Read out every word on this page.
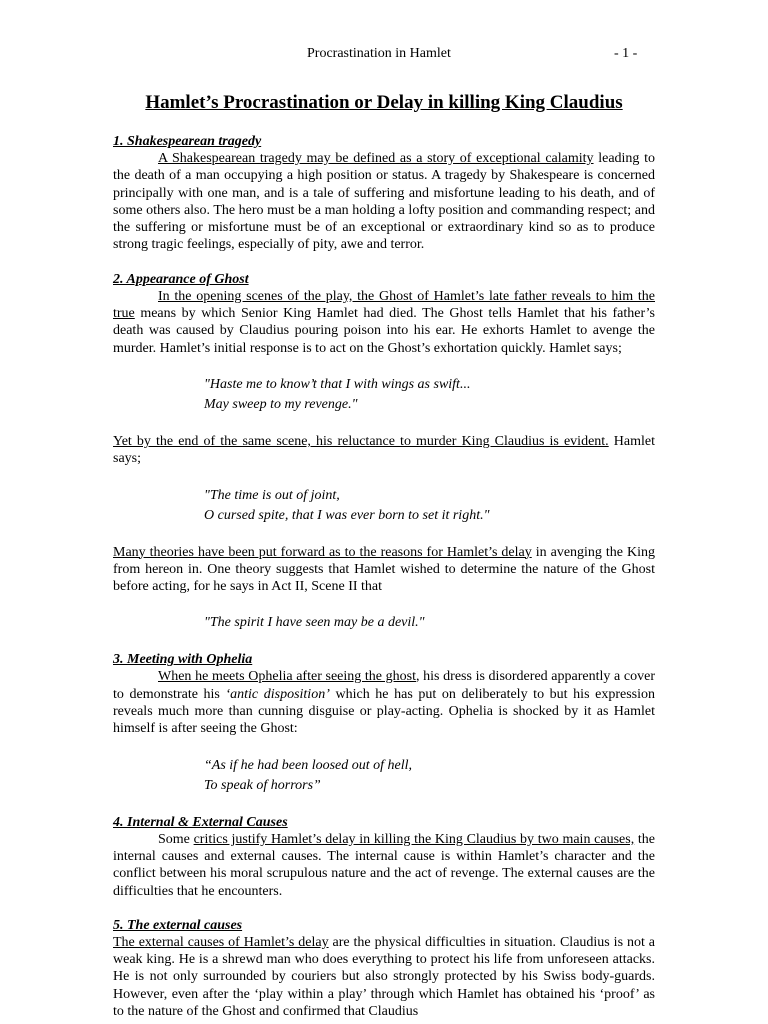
Procrastination in Hamlet	- 1 -
Hamlet’s Procrastination or Delay in killing King Claudius
1. Shakespearean tragedy

A Shakespearean tragedy may be defined as a story of exceptional calamity leading to the death of a man occupying a high position or status. A tragedy by Shakespeare is concerned principally with one man, and is a tale of suffering and misfortune leading to his death, and of some others also. The hero must be a man holding a lofty position and commanding respect; and the suffering or misfortune must be of an exceptional or extraordinary kind so as to produce strong tragic feelings, especially of pity, awe and terror.

2. Appearance of Ghost

In the opening scenes of the play, the Ghost of Hamlet’s late father reveals to him the true means by which Senior King Hamlet had died. The Ghost tells Hamlet that his father’s death was caused by Claudius pouring poison into his ear. He exhorts Hamlet to avenge the murder. Hamlet’s initial response is to act on the Ghost’s exhortation quickly. Hamlet says;

"Haste me to know’t that I with wings as swift...
May sweep to my revenge."

Yet by the end of the same scene, his reluctance to murder King Claudius is evident. Hamlet says;

"The time is out of joint,
O cursed spite, that I was ever born to set it right."

Many theories have been put forward as to the reasons for Hamlet’s delay in avenging the King from hereon in. One theory suggests that Hamlet wished to determine the nature of the Ghost before acting, for he says in Act II, Scene II that

"The spirit I have seen may be a devil."
3. Meeting with Ophelia

When he meets Ophelia after seeing the ghost, his dress is disordered apparently a cover to demonstrate his ‘antic disposition’ which he has put on deliberately to but his expression reveals much more than cunning disguise or play-acting. Ophelia is shocked by it as Hamlet himself is after seeing the Ghost:

“As if he had been loosed out of hell,
To speak of horrors”
4. Internal & External Causes

Some critics justify Hamlet’s delay in killing the King Claudius by two main causes, the internal causes and external causes. The internal cause is within Hamlet’s character and the conflict between his moral scrupulous nature and the act of revenge. The external causes are the difficulties that he encounters.

5. The external causes

The external causes of Hamlet’s delay are the physical difficulties in situation. Claudius is not a weak king. He is a shrewd man who does everything to protect his life from unforeseen attacks. He is not only surrounded by couriers but also strongly protected by his Swiss body-guards. However, even after the ‘play within a play’ through which Hamlet has obtained his ‘proof’ as to the nature of the Ghost and confirmed that Claudius
